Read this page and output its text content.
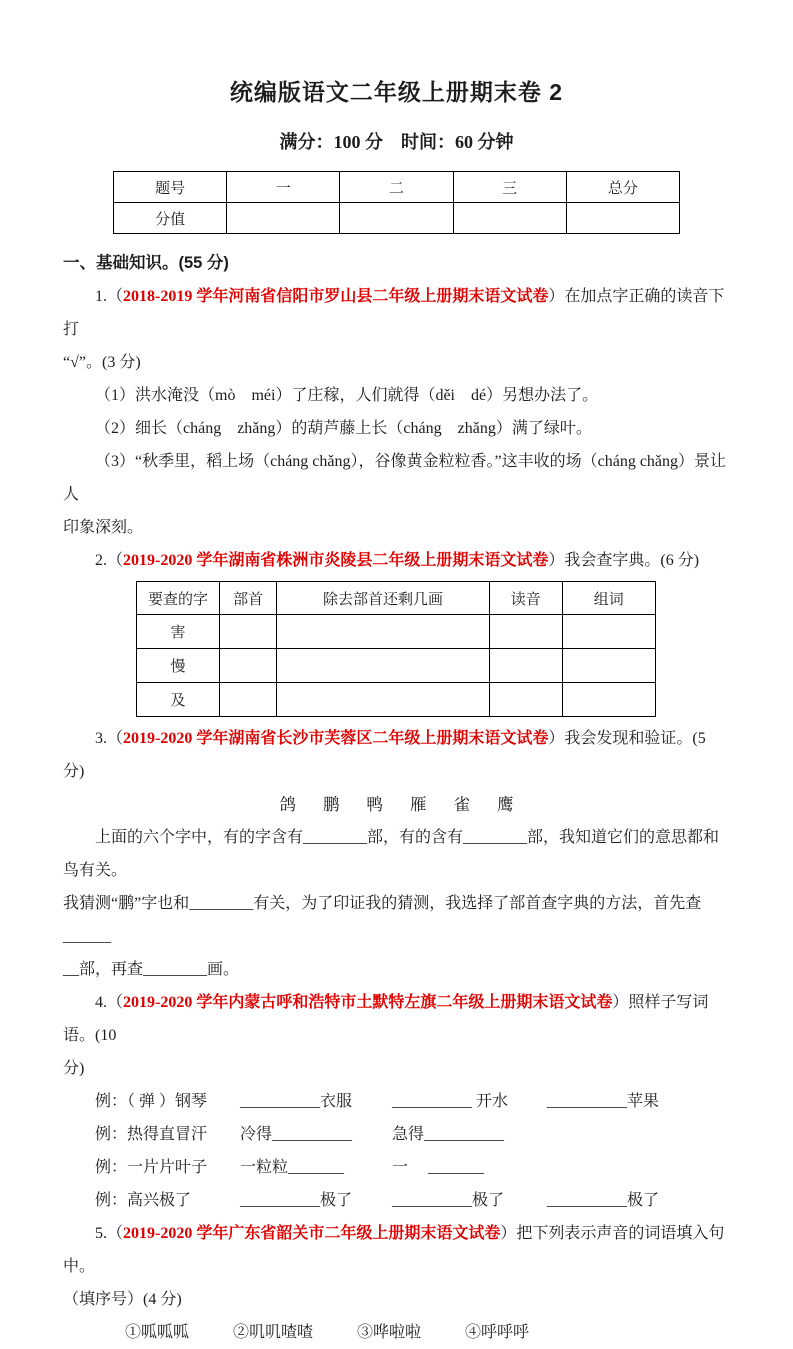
统编版语文二年级上册期末卷 2
满分：100 分　时间：60 分钟
题号	一	二	三	总分
分值				
一、基础知识。(55 分)
1.（2018-2019 学年河南省信阳市罗山县二年级上册期末语文试卷）在加点字正确的读音下打
“√”。(3 分)
（1）洪水淹没（mò　méi）了庄稼，人们就得（děi　dé）另想办法了。
（2）细长（cháng　zhǎng）的葫芦藤上长（cháng　zhǎng）满了绿叶。
（3）“秋季里，稻上场（cháng chǎng），谷像黄金粒粒香。”这丰收的场（cháng chǎng）景让人
印象深刻。
2.（2019-2020 学年湖南省株洲市炎陵县二年级上册期末语文试卷）我会查字典。(6 分)
要查的字	部首	除去部首还剩几画	读音	组词
害				
慢				
及				
3.（2019-2020 学年湖南省长沙市芙蓉区二年级上册期末语文试卷）我会发现和验证。(5 分)
鸽 鹏 鸭 雁 雀 鹰
上面的六个字中，有的字含有________部，有的含有________部，我知道它们的意思都和鸟有关。
我猜测“鹏”字也和________有关，为了印证我的猜测，我选择了部首查字典的方法，首先查______
__部，再查________画。
4.（2019-2020 学年内蒙古呼和浩特市土默特左旗二年级上册期末语文试卷）照样子写词语。(10
分)
例：（ 弹 ）钢琴	__________衣服	__________ 开水	__________苹果
例：热得直冒汗	冷得__________	急得__________
例：一片片叶子	一粒粒_______	一　 _______
例：高兴极了	__________极了	__________极了	__________极了
5.（2019-2020 学年广东省韶关市二年级上册期末语文试卷）把下列表示声音的词语填入句中。
（填序号）(4 分)
①呱呱呱	②叽叽喳喳	③哗啦啦	④呼呼呼
